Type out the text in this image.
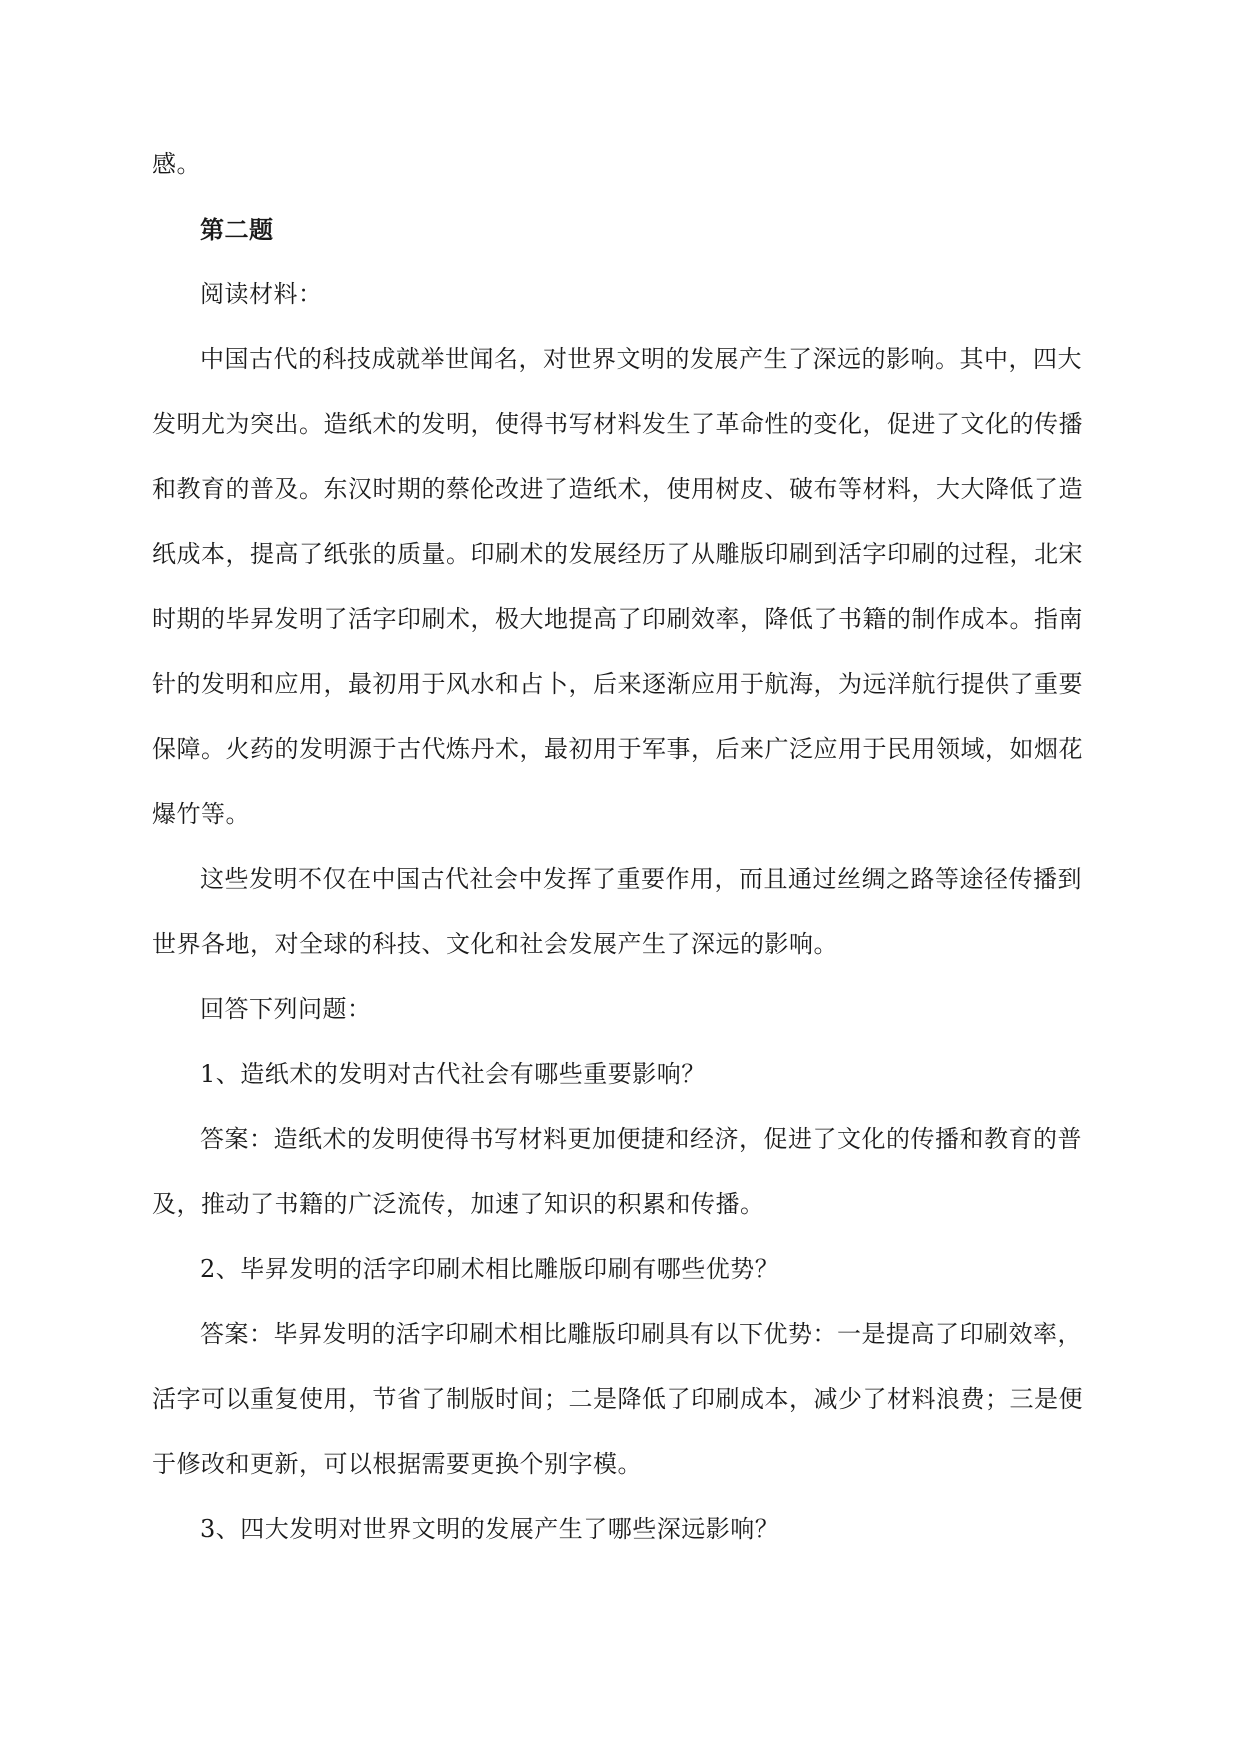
感。

第二题

阅读材料：

中国古代的科技成就举世闻名，对世界文明的发展产生了深远的影响。其中，四大

发明尤为突出。造纸术的发明，使得书写材料发生了革命性的变化，促进了文化的传播

和教育的普及。东汉时期的蔡伦改进了造纸术，使用树皮、破布等材料，大大降低了造

纸成本，提高了纸张的质量。印刷术的发展经历了从雕版印刷到活字印刷的过程，北宋

时期的毕昇发明了活字印刷术，极大地提高了印刷效率，降低了书籍的制作成本。指南

针的发明和应用，最初用于风水和占卜，后来逐渐应用于航海，为远洋航行提供了重要

保障。火药的发明源于古代炼丹术，最初用于军事，后来广泛应用于民用领域，如烟花

爆竹等。

这些发明不仅在中国古代社会中发挥了重要作用，而且通过丝绸之路等途径传播到

世界各地，对全球的科技、文化和社会发展产生了深远的影响。

回答下列问题：

1、造纸术的发明对古代社会有哪些重要影响？

答案：造纸术的发明使得书写材料更加便捷和经济，促进了文化的传播和教育的普

及，推动了书籍的广泛流传，加速了知识的积累和传播。

2、毕昇发明的活字印刷术相比雕版印刷有哪些优势？

答案：毕昇发明的活字印刷术相比雕版印刷具有以下优势：一是提高了印刷效率，

活字可以重复使用，节省了制版时间；二是降低了印刷成本，减少了材料浪费；三是便

于修改和更新，可以根据需要更换个别字模。

3、四大发明对世界文明的发展产生了哪些深远影响？
